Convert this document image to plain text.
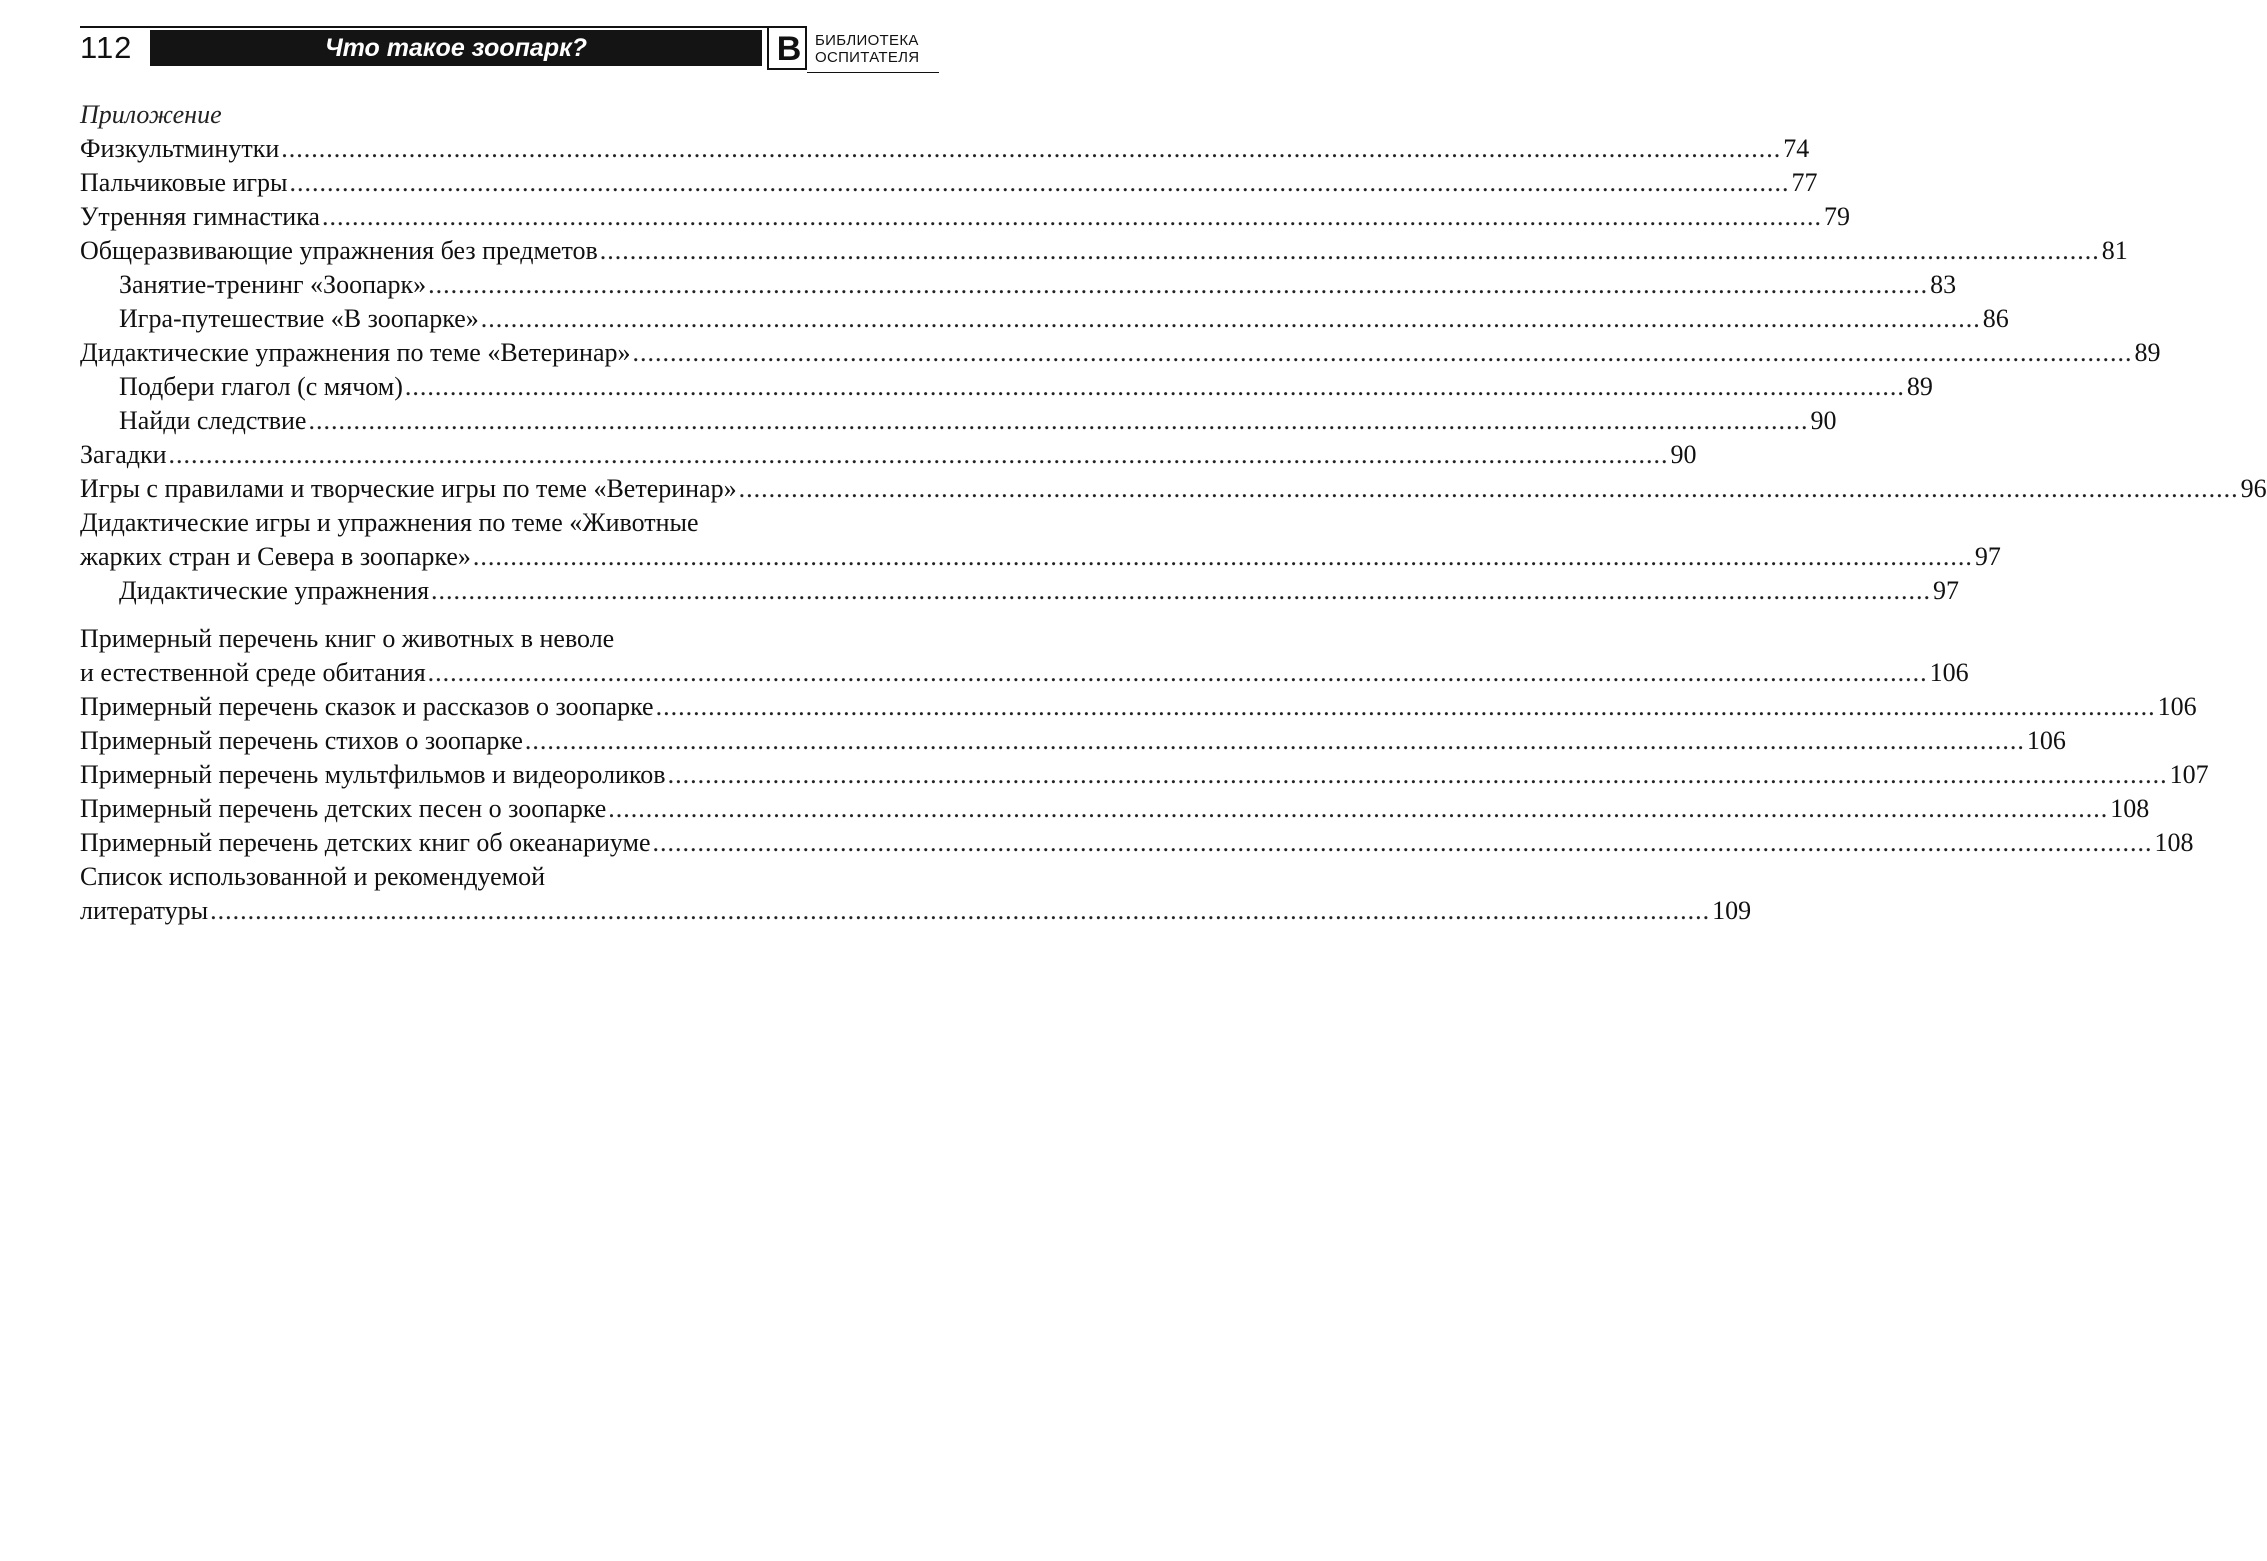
112	Что такое зоопарк?	В БИБЛИОТЕКА
ОСПИТАТЕЛЯ
Приложение
Физкультминутки ........................................................................................................................................................................................................ 74
Пальчиковые игры ........................................................................................................................................................................................................ 77
Утренняя гимнастика ........................................................................................................................................................................................................ 79
Общеразвивающие упражнения без предметов ........................................................................................................................................................................................................ 81
Занятие-тренинг «Зоопарк» ........................................................................................................................................................................................................ 83
Игра-путешествие «В зоопарке» ........................................................................................................................................................................................................ 86
Дидактические упражнения по теме «Ветеринар» ........................................................................................................................................................................................................ 89
Подбери глагол (с мячом) ........................................................................................................................................................................................................ 89
Найди следствие ........................................................................................................................................................................................................ 90
Загадки ........................................................................................................................................................................................................ 90
Игры с правилами и творческие игры по теме «Ветеринар» ........................................................................................................................................................................................................ 96
Дидактические игры и упражнения по теме «Животные
жарких стран и Севера в зоопарке» ........................................................................................................................................................................................................ 97
Дидактические упражнения ........................................................................................................................................................................................................ 97
Примерный перечень книг о животных в неволе
и естественной среде обитания ........................................................................................................................................................................................................ 106
Примерный перечень сказок и рассказов о зоопарке ........................................................................................................................................................................................................ 106
Примерный перечень стихов о зоопарке ........................................................................................................................................................................................................ 106
Примерный перечень мультфильмов и видеороликов ........................................................................................................................................................................................................ 107
Примерный перечень детских песен о зоопарке ........................................................................................................................................................................................................ 108
Примерный перечень детских книг об океанариуме ........................................................................................................................................................................................................ 108
Список использованной и рекомендуемой
литературы ........................................................................................................................................................................................................ 109
